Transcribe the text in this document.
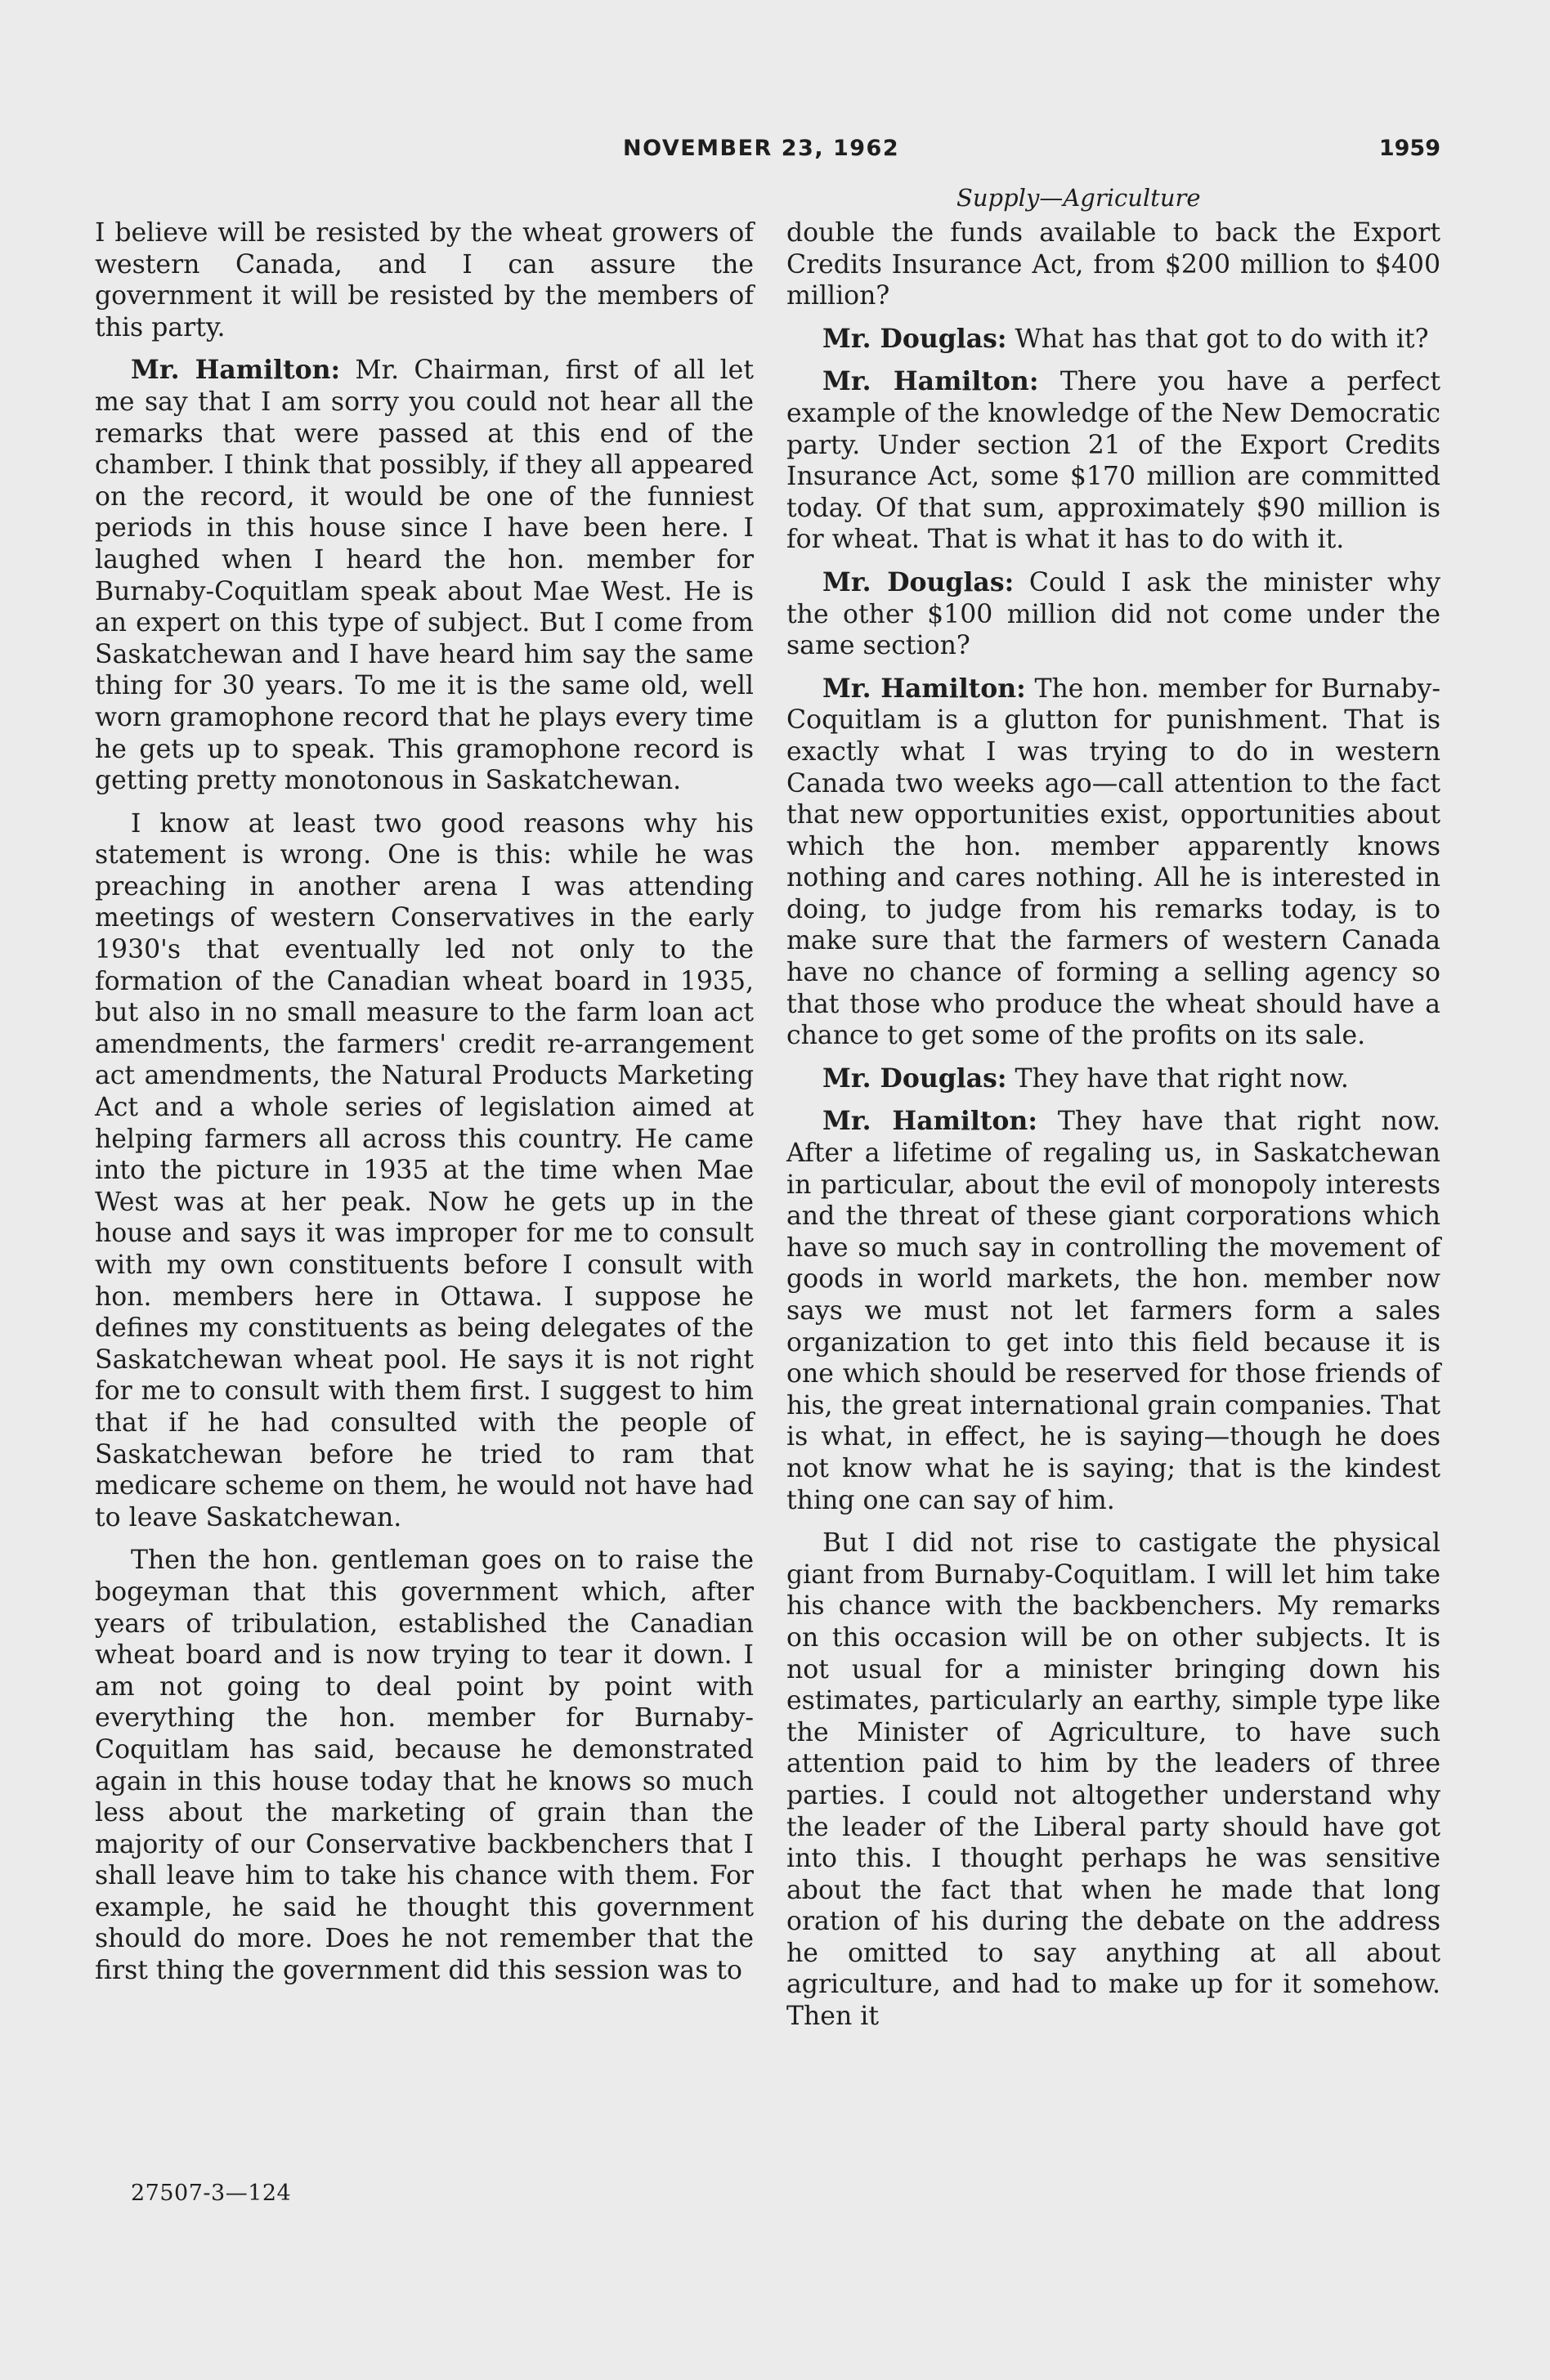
NOVEMBER 23, 1962	1959
Supply—Agriculture

I believe will be resisted by the wheat growers of western Canada, and I can assure the government it will be resisted by the members of this party.

Mr. Hamilton: Mr. Chairman, first of all let me say that I am sorry you could not hear all the remarks that were passed at this end of the chamber. I think that possibly, if they all appeared on the record, it would be one of the funniest periods in this house since I have been here. I laughed when I heard the hon. member for Burnaby-Coquitlam speak about Mae West. He is an expert on this type of subject. But I come from Saskatchewan and I have heard him say the same thing for 30 years. To me it is the same old, well worn gramophone record that he plays every time he gets up to speak. This gramophone record is getting pretty monotonous in Saskatchewan.

I know at least two good reasons why his statement is wrong. One is this: while he was preaching in another arena I was attending meetings of western Conservatives in the early 1930's that eventually led not only to the formation of the Canadian wheat board in 1935, but also in no small measure to the farm loan act amendments, the farmers' credit re-arrangement act amendments, the Natural Products Marketing Act and a whole series of legislation aimed at helping farmers all across this country. He came into the picture in 1935 at the time when Mae West was at her peak. Now he gets up in the house and says it was improper for me to consult with my own constituents before I consult with hon. members here in Ottawa. I suppose he defines my constituents as being delegates of the Saskatchewan wheat pool. He says it is not right for me to consult with them first. I suggest to him that if he had consulted with the people of Saskatchewan before he tried to ram that medicare scheme on them, he would not have had to leave Saskatchewan.

Then the hon. gentleman goes on to raise the bogeyman that this government which, after years of tribulation, established the Canadian wheat board and is now trying to tear it down. I am not going to deal point by point with everything the hon. member for Burnaby-Coquitlam has said, because he demonstrated again in this house today that he knows so much less about the marketing of grain than the majority of our Conservative backbenchers that I shall leave him to take his chance with them. For example, he said he thought this government should do more. Does he not remember that the first thing the government did this session was to

double the funds available to back the Export Credits Insurance Act, from $200 million to $400 million?

Mr. Douglas: What has that got to do with it?

Mr. Hamilton: There you have a perfect example of the knowledge of the New Democratic party. Under section 21 of the Export Credits Insurance Act, some $170 million are committed today. Of that sum, approximately $90 million is for wheat. That is what it has to do with it.

Mr. Douglas: Could I ask the minister why the other $100 million did not come under the same section?

Mr. Hamilton: The hon. member for Burnaby-Coquitlam is a glutton for punishment. That is exactly what I was trying to do in western Canada two weeks ago—call attention to the fact that new opportunities exist, opportunities about which the hon. member apparently knows nothing and cares nothing. All he is interested in doing, to judge from his remarks today, is to make sure that the farmers of western Canada have no chance of forming a selling agency so that those who produce the wheat should have a chance to get some of the profits on its sale.

Mr. Douglas: They have that right now.

Mr. Hamilton: They have that right now. After a lifetime of regaling us, in Saskatchewan in particular, about the evil of monopoly interests and the threat of these giant corporations which have so much say in controlling the movement of goods in world markets, the hon. member now says we must not let farmers form a sales organization to get into this field because it is one which should be reserved for those friends of his, the great international grain companies. That is what, in effect, he is saying—though he does not know what he is saying; that is the kindest thing one can say of him.

But I did not rise to castigate the physical giant from Burnaby-Coquitlam. I will let him take his chance with the backbenchers. My remarks on this occasion will be on other subjects. It is not usual for a minister bringing down his estimates, particularly an earthy, simple type like the Minister of Agriculture, to have such attention paid to him by the leaders of three parties. I could not altogether understand why the leader of the Liberal party should have got into this. I thought perhaps he was sensitive about the fact that when he made that long oration of his during the debate on the address he omitted to say anything at all about agriculture, and had to make up for it somehow. Then it

27507-3—124
